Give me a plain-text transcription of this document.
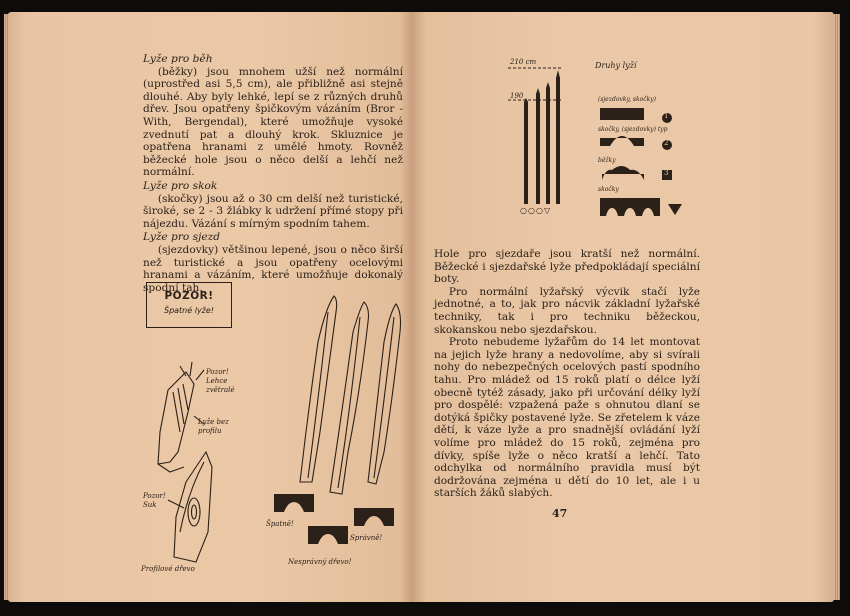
Lyže pro běh

(běžky) jsou mnohem užší než normální (uprostřed asi 5,5 cm), ale přibližně asi stejně dlouhé. Aby byly lehké, lepí se z různých druhů dřev. Jsou opatřeny špičkovým vázáním (Bror - With, Bergendal), které umožňuje vysoké zvednutí pat a dlouhý krok. Skluznice je opatřena hranami z umělé hmoty. Rovněž běžecké hole jsou o něco delší a lehčí než normální.

Lyže pro skok

(skočky) jsou až o 30 cm delší než turistické, široké, se 2 - 3 žlábky k udržení přímé stopy při nájezdu. Vázání s mírným spodním tahem.

Lyže pro sjezd

(sjezdovky) většinou lepené, jsou o něco širší než turistické a jsou opatřeny ocelovými hranami a vázáním, které umožňuje dokonalý spodní tah.

POZOR!
Špatné lyže!
Pozor! Lehce zvětralé
Lyže bez profilu
Pozor! Suk
Profilové dřevo
Špatně!
Správně!
Nesprávný dřevo!
Druhy lyží
210 cm
190	(sjezdovky, skočky)
skočky, (sjezdovky) typ
běžky
skočky
1
2
3
○○○▽

Hole pro sjezdaře jsou kratší než normální. Běžecké i sjezdařské lyže předpokládají speciální boty.

Pro normální lyžařský výcvik stačí lyže jednotné, a to, jak pro nácvik základní lyžařské techniky, tak i pro techniku běžeckou, skokanskou nebo sjezdařskou.

Proto nebudeme lyžařům do 14 let montovat na jejich lyže hrany a nedovolíme, aby si svírali nohy do nebezpečných ocelových pastí spodního tahu. Pro mládež od 15 roků platí o délce lyží obecně tytéž zásady, jako při určování délky lyží pro dospělé: vzpažená paže s ohnutou dlaní se dotýká špičky postavené lyže. Se zřetelem k váze dětí, k váze lyže a pro snadnější ovládání lyží volíme pro mládež do 15 roků, zejména pro dívky, spíše lyže o něco kratší a lehčí. Tato odchylka od normálního pravidla musí být dodržována zejména u dětí do 10 let, ale i u starších žáků slabých.

47
